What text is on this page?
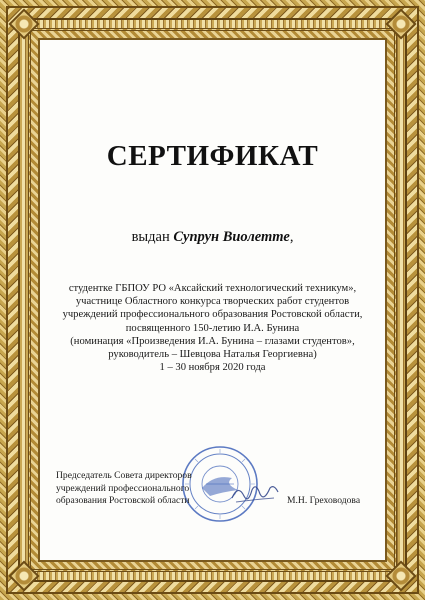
СЕРТИФИКАТ
выдан Супрун Виолетте,
студентке ГБПОУ РО «Аксайский технологический техникум»,
участнице Областного конкурса творческих работ студентов
учреждений профессионального образования Ростовской области,
посвященного 150-летию И.А. Бунина
(номинация «Произведения И.А. Бунина – глазами студентов»,
руководитель – Шевцова Наталья Георгиевна)
1 – 30 ноября 2020 года
Председатель Совета директоров
учреждений профессионального
образования Ростовской области	М.Н. Греховодова
